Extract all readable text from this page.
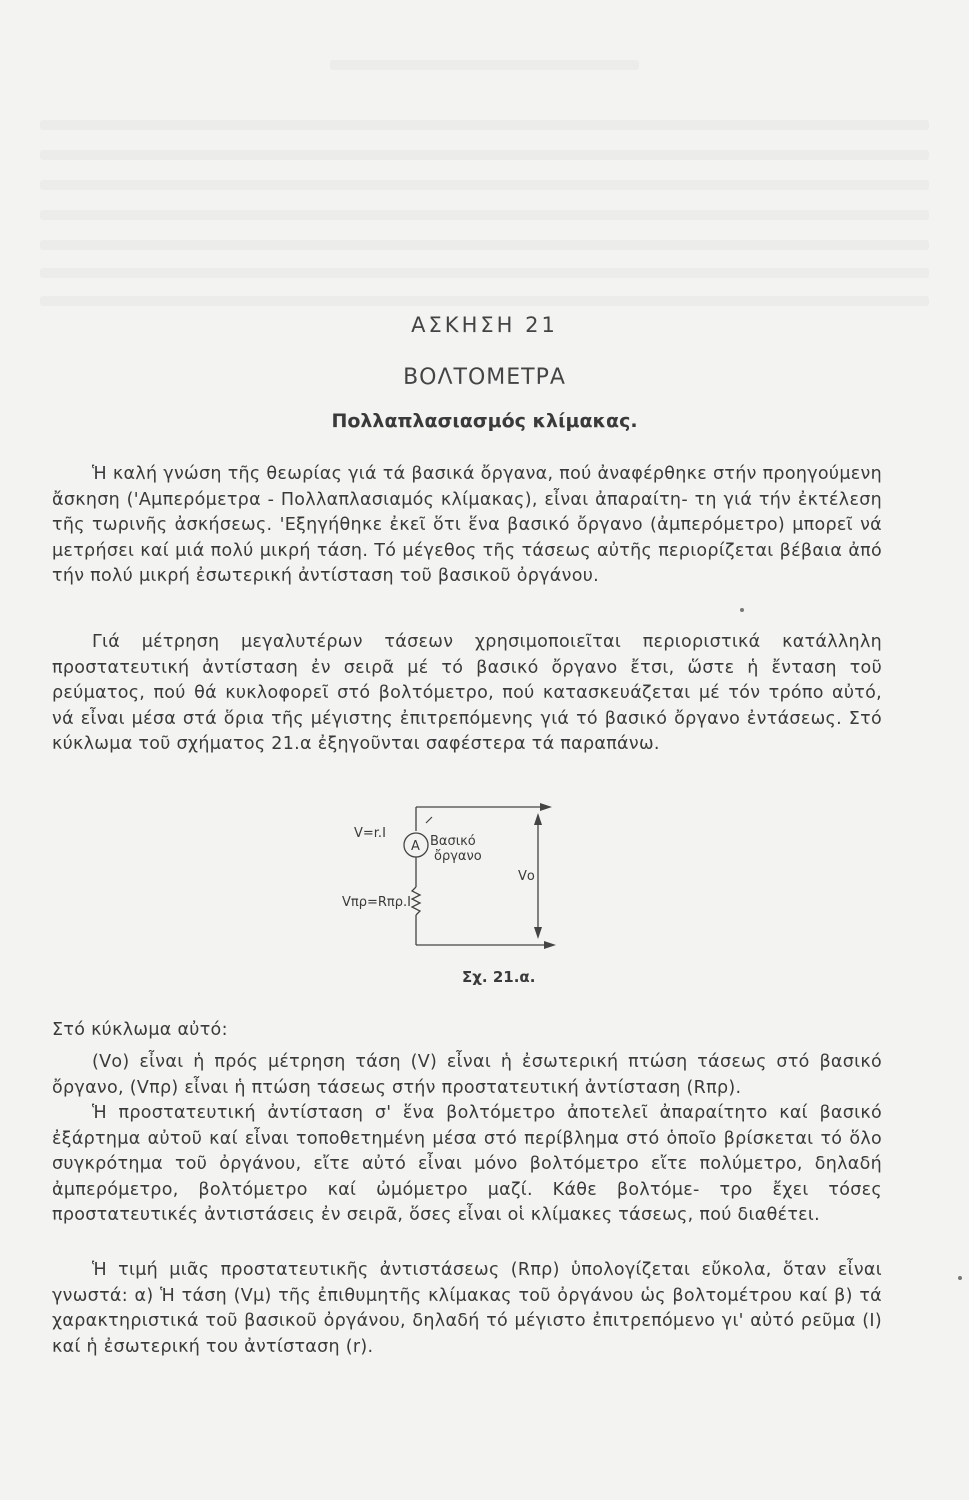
ΑΣΚΗΣΗ 21
ΒΟΛΤΟΜΕΤΡΑ
Πολλαπλασιασμός κλίμακας.
Ἡ καλή γνώση τῆς θεωρίας γιά τά βασικά ὄργανα, πού ἀναφέρθηκε στήν προηγούμενη ἄσκηση ('Αμπερόμετρα - Πολλαπλασιαμός κλίμακας), εἶναι ἀπαραίτη- τη γιά τήν ἐκτέλεση τῆς τωρινῆς ἀσκήσεως. 'Εξηγήθηκε ἐκεῖ ὅτι ἕνα βασικό ὄργανο (ἀμπερόμετρο) μπορεῖ νά μετρήσει καί μιά πολύ μικρή τάση. Τό μέγεθος τῆς τάσεως αὐτῆς περιορίζεται βέβαια ἀπό τήν πολύ μικρή ἐσωτερική ἀντίσταση τοῦ βασικοῦ ὀργάνου.
Γιά μέτρηση μεγαλυτέρων τάσεων χρησιμοποιεῖται περιοριστικά κατάλληλη προστατευτική ἀντίσταση ἐν σειρᾶ μέ τό βασικό ὄργανο ἔτσι, ὥστε ἡ ἔνταση τοῦ ρεύματος, πού θά κυκλοφορεῖ στό βολτόμετρο, πού κατασκευάζεται μέ τόν τρόπο αὐτό, νά εἶναι μέσα στά ὅρια τῆς μέγιστης ἐπιτρεπόμενης γιά τό βασικό ὄργανο ἐντάσεως. Στό κύκλωμα τοῦ σχήματος 21.α ἐξηγοῦνται σαφέστερα τά παραπάνω.
A
V=r.I
Βασικό
ὄργανο
Vπρ=Rπρ.I
Vο
Σχ. 21.α.
Στό κύκλωμα αὐτό:
(Vο) εἶναι ἡ πρός μέτρηση τάση (V) εἶναι ἡ ἐσωτερική πτώση τάσεως στό βασικό ὄργανο, (Vπρ) εἶναι ἡ πτώση τάσεως στήν προστατευτική ἀντίσταση (Rπρ).
Ἡ προστατευτική ἀντίσταση σ' ἕνα βολτόμετρο ἀποτελεῖ ἀπαραίτητο καί βασικό ἐξάρτημα αὐτοῦ καί εἶναι τοποθετημένη μέσα στό περίβλημα στό ὁποῖο βρίσκεται τό ὅλο συγκρότημα τοῦ ὀργάνου, εἴτε αὐτό εἶναι μόνο βολτόμετρο εἴτε πολύμετρο, δηλαδή ἀμπερόμετρο, βολτόμετρο καί ὠμόμετρο μαζί. Κάθε βολτόμε- τρο ἔχει τόσες προστατευτικές ἀντιστάσεις ἐν σειρᾶ, ὅσες εἶναι οἱ κλίμακες τάσεως, πού διαθέτει.
Ἡ τιμή μιᾶς προστατευτικῆς ἀντιστάσεως (Rπρ) ὑπολογίζεται εὔκολα, ὅταν εἶναι γνωστά: α) Ἡ τάση (Vμ) τῆς ἐπιθυμητῆς κλίμακας τοῦ ὀργάνου ὡς βολτομέτρου καί β) τά χαρακτηριστικά τοῦ βασικοῦ ὀργάνου, δηλαδή τό μέγιστο ἐπιτρεπόμενο γι' αὐτό ρεῦμα (I) καί ἡ ἐσωτερική του ἀντίσταση (r).
